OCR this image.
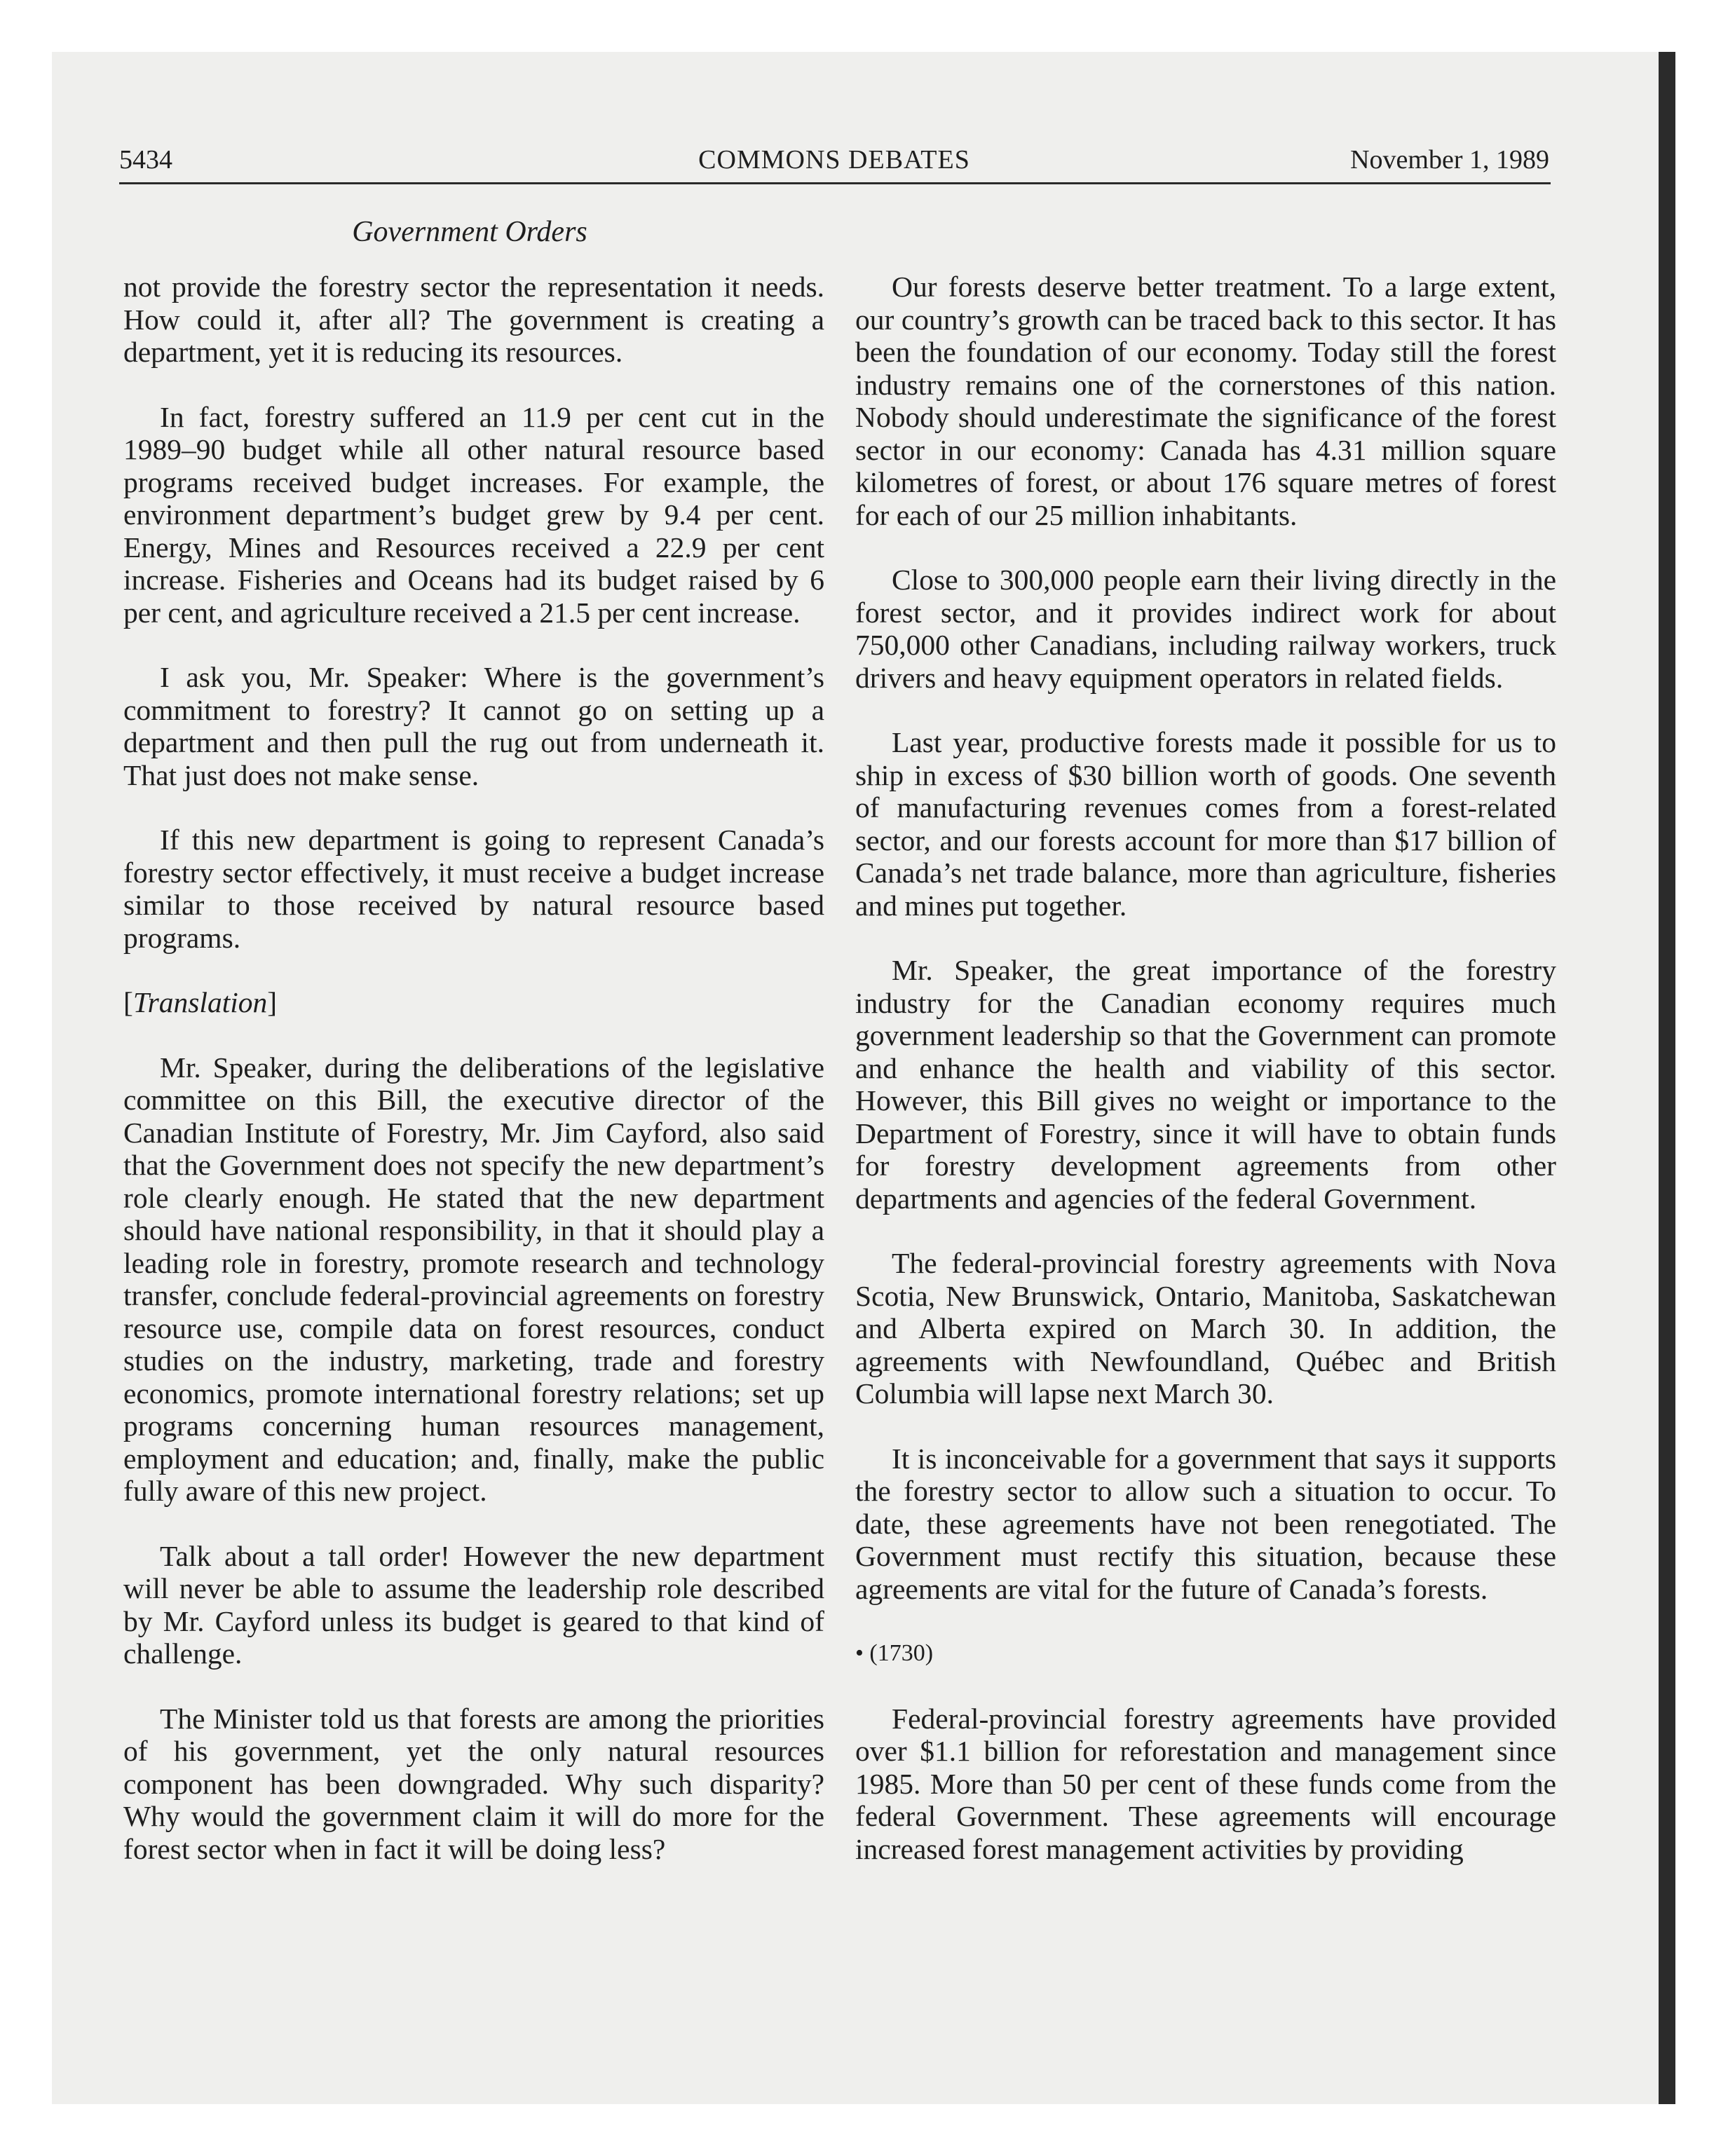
5434	COMMONS DEBATES	November 1, 1989
Government Orders

not provide the forestry sector the representation it needs. How could it, after all? The government is creating a department, yet it is reducing its resources.

In fact, forestry suffered an 11.9 per cent cut in the 1989–90 budget while all other natural resource based programs received budget increases. For example, the environment department’s budget grew by 9.4 per cent. Energy, Mines and Resources received a 22.9 per cent increase. Fisheries and Oceans had its budget raised by 6 per cent, and agriculture received a 21.5 per cent increase.

I ask you, Mr. Speaker: Where is the government’s commitment to forestry? It cannot go on setting up a department and then pull the rug out from underneath it. That just does not make sense.

If this new department is going to represent Canada’s forestry sector effectively, it must receive a budget increase similar to those received by natural resource based programs.

[Translation]

Mr. Speaker, during the deliberations of the legislative committee on this Bill, the executive director of the Canadian Institute of Forestry, Mr. Jim Cayford, also said that the Government does not specify the new department’s role clearly enough. He stated that the new department should have national responsibility, in that it should play a leading role in forestry, promote research and technology transfer, conclude federal-provincial agreements on forestry resource use, compile data on forest resources, conduct studies on the industry, marketing, trade and forestry economics, promote international forestry relations; set up programs concerning human resources management, employment and education; and, finally, make the public fully aware of this new project.

Talk about a tall order! However the new department will never be able to assume the leadership role described by Mr. Cayford unless its budget is geared to that kind of challenge.

The Minister told us that forests are among the priorities of his government, yet the only natural resources component has been downgraded. Why such disparity? Why would the government claim it will do more for the forest sector when in fact it will be doing less?

Our forests deserve better treatment. To a large extent, our country’s growth can be traced back to this sector. It has been the foundation of our economy. Today still the forest industry remains one of the cornerstones of this nation. Nobody should underestimate the significance of the forest sector in our economy: Canada has 4.31 million square kilometres of forest, or about 176 square metres of forest for each of our 25 million inhabitants.

Close to 300,000 people earn their living directly in the forest sector, and it provides indirect work for about 750,000 other Canadians, including railway workers, truck drivers and heavy equipment operators in related fields.

Last year, productive forests made it possible for us to ship in excess of $30 billion worth of goods. One seventh of manufacturing revenues comes from a forest-related sector, and our forests account for more than $17 billion of Canada’s net trade balance, more than agriculture, fisheries and mines put together.

Mr. Speaker, the great importance of the forestry industry for the Canadian economy requires much government leadership so that the Government can promote and enhance the health and viability of this sector. However, this Bill gives no weight or importance to the Department of Forestry, since it will have to obtain funds for forestry development agreements from other departments and agencies of the federal Government.

The federal-provincial forestry agreements with Nova Scotia, New Brunswick, Ontario, Manitoba, Saskatchewan and Alberta expired on March 30. In addition, the agreements with Newfoundland, Québec and British Columbia will lapse next March 30.

It is inconceivable for a government that says it supports the forestry sector to allow such a situation to occur. To date, these agreements have not been renegotiated. The Government must rectify this situation, because these agreements are vital for the future of Canada’s forests.

• (1730)

Federal-provincial forestry agreements have provided over $1.1 billion for reforestation and management since 1985. More than 50 per cent of these funds come from the federal Government. These agreements will encourage increased forest management activities by providing
